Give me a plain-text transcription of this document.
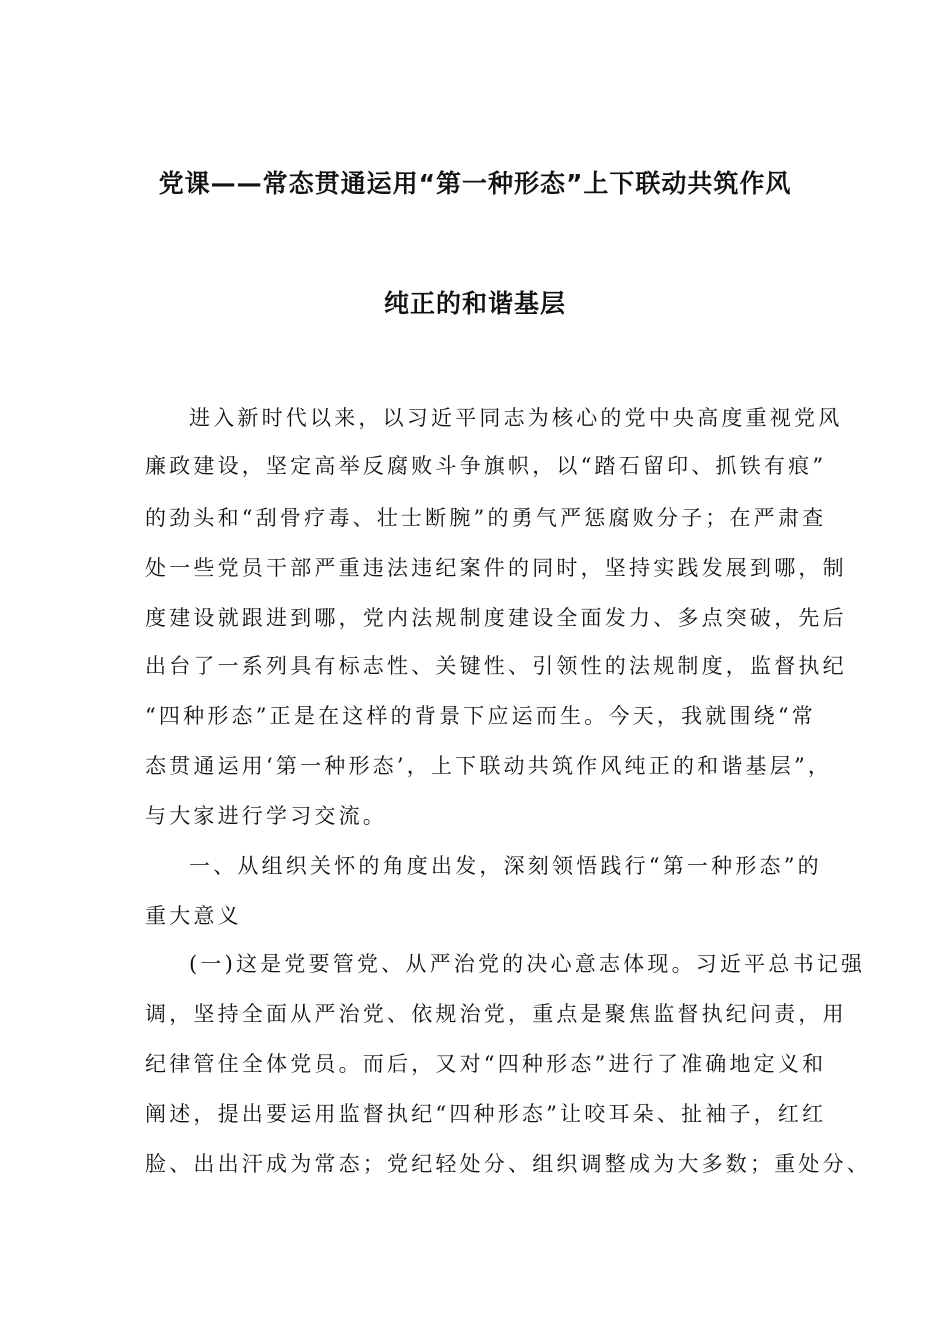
党课——常态贯通运用“第一种形态”上下联动共筑作风
纯正的和谐基层
进入新时代以来，以习近平同志为核心的党中央高度重视党风
廉政建设，坚定高举反腐败斗争旗帜，以“踏石留印、抓铁有痕”
的劲头和“刮骨疗毒、壮士断腕”的勇气严惩腐败分子；在严肃查
处一些党员干部严重违法违纪案件的同时，坚持实践发展到哪，制
度建设就跟进到哪，党内法规制度建设全面发力、多点突破，先后
出台了一系列具有标志性、关键性、引领性的法规制度，监督执纪
“四种形态”正是在这样的背景下应运而生。今天，我就围绕“常
态贯通运用‘第一种形态’，上下联动共筑作风纯正的和谐基层”，
与大家进行学习交流。
一、从组织关怀的角度出发，深刻领悟践行“第一种形态”的
重大意义
(一)这是党要管党、从严治党的决心意志体现。习近平总书记强
调，坚持全面从严治党、依规治党，重点是聚焦监督执纪问责，用
纪律管住全体党员。而后，又对“四种形态”进行了准确地定义和
阐述，提出要运用监督执纪“四种形态”让咬耳朵、扯袖子，红红
脸、出出汗成为常态；党纪轻处分、组织调整成为大多数；重处分、
